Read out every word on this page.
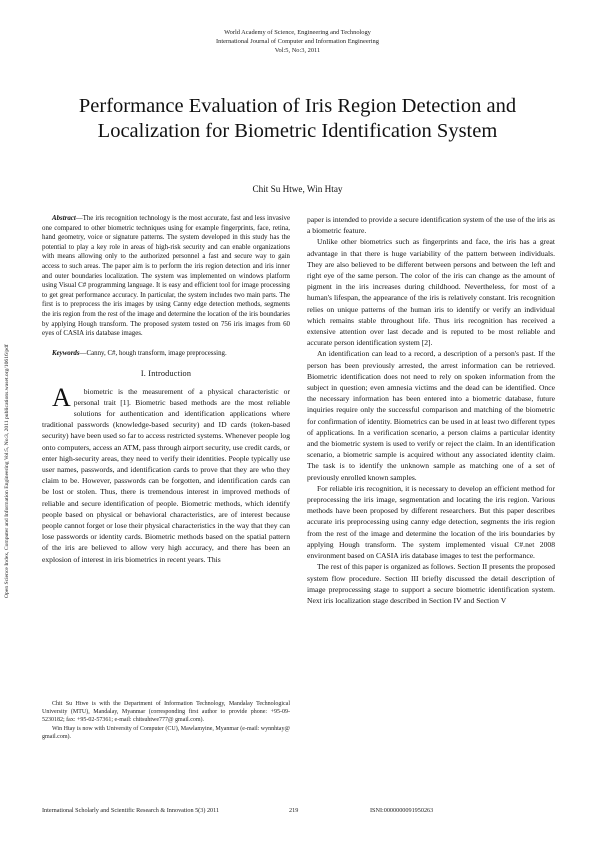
World Academy of Science, Engineering and Technology
International Journal of Computer and Information Engineering
Vol:5, No:3, 2011
Open Science Index, Computer and Information Engineering Vol:5, No:3, 2011 publications.waset.org/10616/pdf
Performance Evaluation of Iris Region Detection and Localization for Biometric Identification System
Chit Su Htwe, Win Htay

Abstract—The iris recognition technology is the most accurate, fast and less invasive one compared to other biometric techniques using for example fingerprints, face, retina, hand geometry, voice or signature patterns. The system developed in this study has the potential to play a key role in areas of high-risk security and can enable organizations with means allowing only to the authorized personnel a fast and secure way to gain access to such areas. The paper aim is to perform the iris region detection and iris inner and outer boundaries localization. The system was implemented on windows platform using Visual C# programming language. It is easy and efficient tool for image processing to get great performance accuracy. In particular, the system includes two main parts. The first is to preprocess the iris images by using Canny edge detection methods, segments the iris region from the rest of the image and determine the location of the iris boundaries by applying Hough transform. The proposed system tested on 756 iris images from 60 eyes of CASIA iris database images.

Keywords—Canny, C#, hough transform, image preprocessing.

I. Introduction

A biometric is the measurement of a physical characteristic or personal trait [1]. Biometric based methods are the most reliable solutions for authentication and identification applications where traditional passwords (knowledge-based security) and ID cards (token-based security) have been used so far to access restricted systems. Whenever people log onto computers, access an ATM, pass through airport security, use credit cards, or enter high-security areas, they need to verify their identities. People typically use user names, passwords, and identification cards to prove that they are who they claim to be. However, passwords can be forgotten, and identification cards can be lost or stolen. Thus, there is tremendous interest in improved methods of reliable and secure identification of people. Biometric methods, which identify people based on physical or behavioral characteristics, are of interest because people cannot forget or lose their physical characteristics in the way that they can lose passwords or identity cards. Biometric methods based on the spatial pattern of the iris are believed to allow very high accuracy, and there has been an explosion of interest in iris biometrics in recent years. This

Chit Su Htwe is with the Department of Information Technology, Mandalay Technological University (MTU), Mandalay, Myanmar (corresponding first author to provide phone: +95-09-5230182; fax: +95-02-57361; e-mail: chitsuhtwe777@ gmail.com).

Win Htay is now with University of Computer (CU), Mawlamyine, Myanmar (e-mail: wynnhtay@ gmail.com).

paper is intended to provide a secure identification system of the use of the iris as a biometric feature.

Unlike other biometrics such as fingerprints and face, the iris has a great advantage in that there is huge variability of the pattern between individuals. They are also believed to be different between persons and between the left and right eye of the same person. The color of the iris can change as the amount of pigment in the iris increases during childhood. Nevertheless, for most of a human's lifespan, the appearance of the iris is relatively constant. Iris recognition relies on unique patterns of the human iris to identify or verify an individual which remains stable throughout life. Thus iris recognition has received a extensive attention over last decade and is reputed to be most reliable and accurate person identification system [2].

An identification can lead to a record, a description of a person's past. If the person has been previously arrested, the arrest information can be retrieved. Biometric identification does not need to rely on spoken information from the subject in question; even amnesia victims and the dead can be identified. Once the necessary information has been entered into a biometric database, future inquiries require only the successful comparison and matching of the biometric for confirmation of identity. Biometrics can be used in at least two different types of applications. In a verification scenario, a person claims a particular identity and the biometric system is used to verify or reject the claim. In an identification scenario, a biometric sample is acquired without any associated identity claim. The task is to identify the unknown sample as matching one of a set of previously enrolled known samples.

For reliable iris recognition, it is necessary to develop an efficient method for preprocessing the iris image, segmentation and locating the iris region. Various methods have been proposed by different researchers. But this paper describes accurate iris preprocessing using canny edge detection, segments the iris region from the rest of the image and determine the location of the iris boundaries by applying Hough transform. The system implemented visual C#.net 2008 environment based on CASIA iris database images to test the performance.

The rest of this paper is organized as follows. Section II presents the proposed system flow procedure. Section III briefly discussed the detail description of image preprocessing stage to support a secure biometric identification system. Next iris localization stage described in Section IV and Section V

International Scholarly and Scientific Research & Innovation 5(3) 2011	219	ISNI:0000000091950263
